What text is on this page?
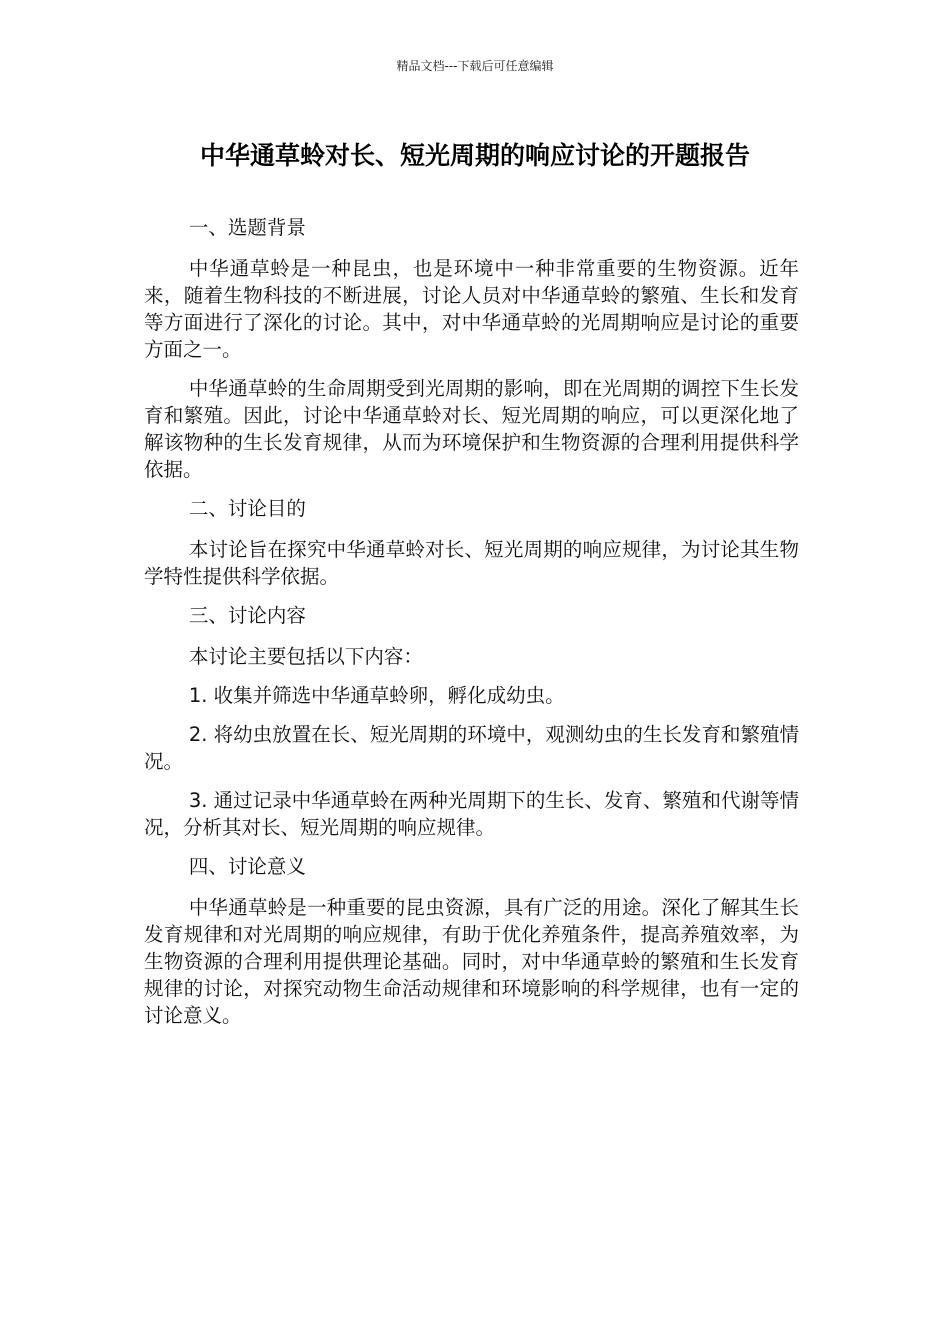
精品文档---下载后可任意编辑
中华通草蛉对长、短光周期的响应讨论的开题报告

一、选题背景

中华通草蛉是一种昆虫，也是环境中一种非常重要的生物资源。近年来，随着生物科技的不断进展，讨论人员对中华通草蛉的繁殖、生长和发育等方面进行了深化的讨论。其中，对中华通草蛉的光周期响应是讨论的重要方面之一。

中华通草蛉的生命周期受到光周期的影响，即在光周期的调控下生长发育和繁殖。因此，讨论中华通草蛉对长、短光周期的响应，可以更深化地了解该物种的生长发育规律，从而为环境保护和生物资源的合理利用提供科学依据。

二、讨论目的

本讨论旨在探究中华通草蛉对长、短光周期的响应规律，为讨论其生物学特性提供科学依据。

三、讨论内容

本讨论主要包括以下内容：

1. 收集并筛选中华通草蛉卵，孵化成幼虫。

2. 将幼虫放置在长、短光周期的环境中，观测幼虫的生长发育和繁殖情况。

3. 通过记录中华通草蛉在两种光周期下的生长、发育、繁殖和代谢等情况，分析其对长、短光周期的响应规律。

四、讨论意义

中华通草蛉是一种重要的昆虫资源，具有广泛的用途。深化了解其生长发育规律和对光周期的响应规律，有助于优化养殖条件，提高养殖效率，为生物资源的合理利用提供理论基础。同时，对中华通草蛉的繁殖和生长发育规律的讨论，对探究动物生命活动规律和环境影响的科学规律，也有一定的讨论意义。
